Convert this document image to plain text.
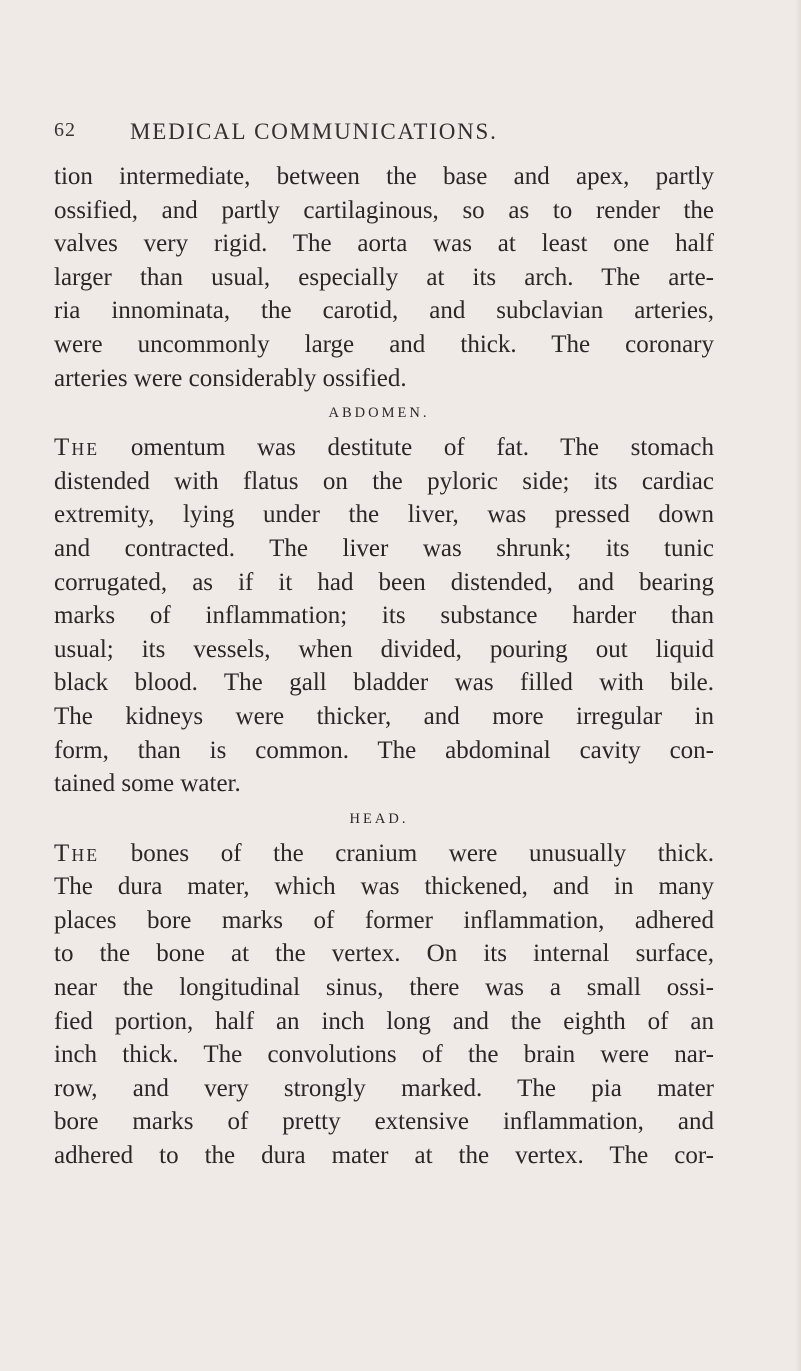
62 MEDICAL COMMUNICATIONS.
tion intermediate, between the base and apex, partly
ossified, and partly cartilaginous, so as to render the
valves very rigid. The aorta was at least one half
larger than usual, especially at its arch. The arte-
ria innominata, the carotid, and subclavian arteries,
were uncommonly large and thick. The coronary
arteries were considerably ossified.
ABDOMEN.
THE omentum was destitute of fat. The stomach
distended with flatus on the pyloric side; its cardiac
extremity, lying under the liver, was pressed down
and contracted. The liver was shrunk; its tunic
corrugated, as if it had been distended, and bearing
marks of inflammation; its substance harder than
usual; its vessels, when divided, pouring out liquid
black blood. The gall bladder was filled with bile.
The kidneys were thicker, and more irregular in
form, than is common. The abdominal cavity con-
tained some water.
HEAD.
THE bones of the cranium were unusually thick.
The dura mater, which was thickened, and in many
places bore marks of former inflammation, adhered
to the bone at the vertex. On its internal surface,
near the longitudinal sinus, there was a small ossi-
fied portion, half an inch long and the eighth of an
inch thick. The convolutions of the brain were nar-
row, and very strongly marked. The pia mater
bore marks of pretty extensive inflammation, and
adhered to the dura mater at the vertex. The cor-
